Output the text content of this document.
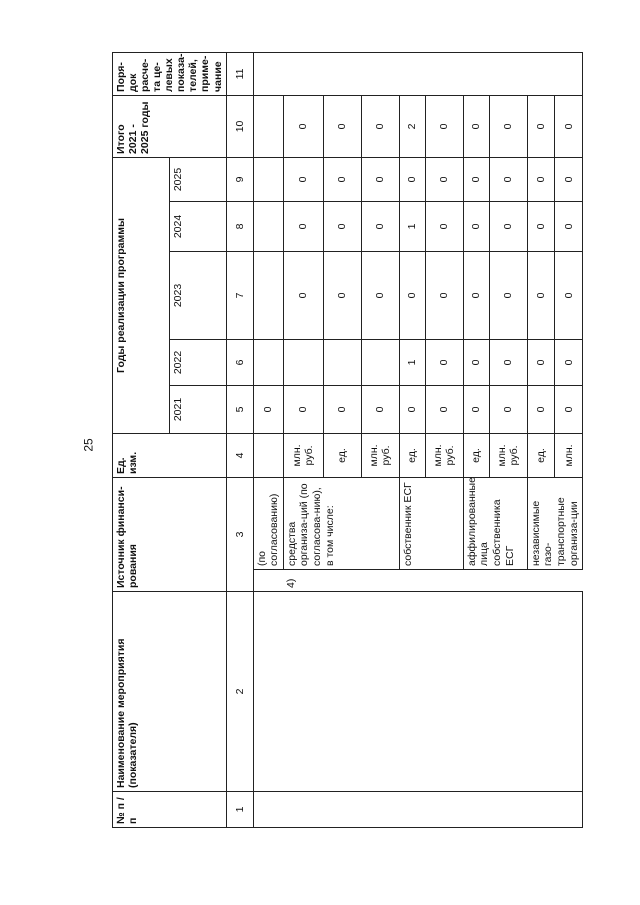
25
№ п / п	Наименование мероприятия (показателя)	Источник финанси-рования		Ед. изм.	Годы реализации программы					Итого 2021 - 2025 годы	Поря-док расче-та це-левых показа-телей, приме-чание
					2021	2022	2023	2024	2025		
1	2	3		4	5	6	7	8	9	10	11
			(по согласованию)		0						
		4)	средства организа-ций (по согласова-нию), в том числе:	млн. руб.	0		0	0	0	0	
				ед.	0		0	0	0	0	
				млн. руб.	0		0	0	0	0	
			собственник ЕСГ	ед.	0	1	0	1	0	2	
				млн. руб.	0	0	0	0	0	0	
			аффилированные лица собственника ЕСГ	ед.	0	0	0	0	0	0	
				млн. руб.	0	0	0	0	0	0	
			независимые газо-транспортные организа-ции	ед.	0	0	0	0	0	0	
				млн.	0	0	0	0	0	0	
